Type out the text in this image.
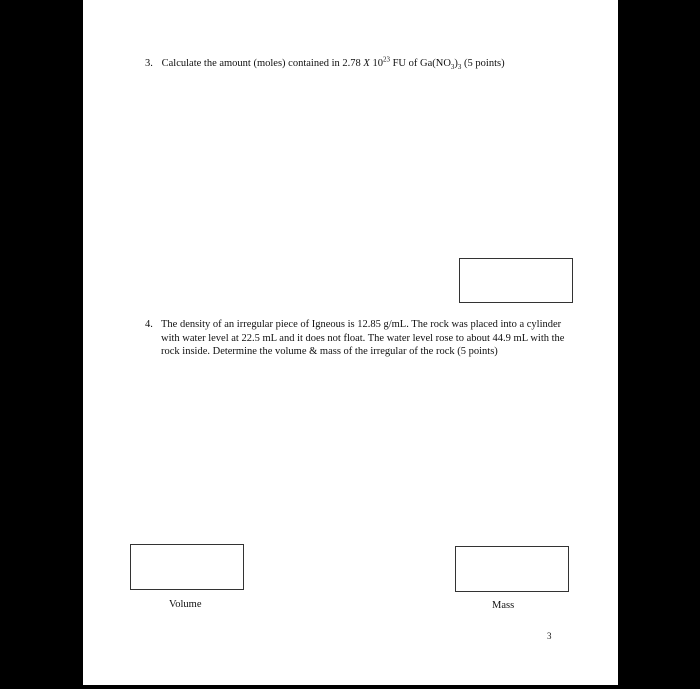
3. Calculate the amount (moles) contained in 2.78 X $10^{23}$ FU of $Ga(NO_3)_3$ (5 points)
4. The density of an irregular piece of Igneous is 12.85 g/mL. The rock was placed into a cylinder with water level at 22.5 mL and it does not float. The water level rose to about 44.9 mL with the rock inside. Determine the volume & mass of the irregular of the rock (5 points)
Volume	Mass
3
